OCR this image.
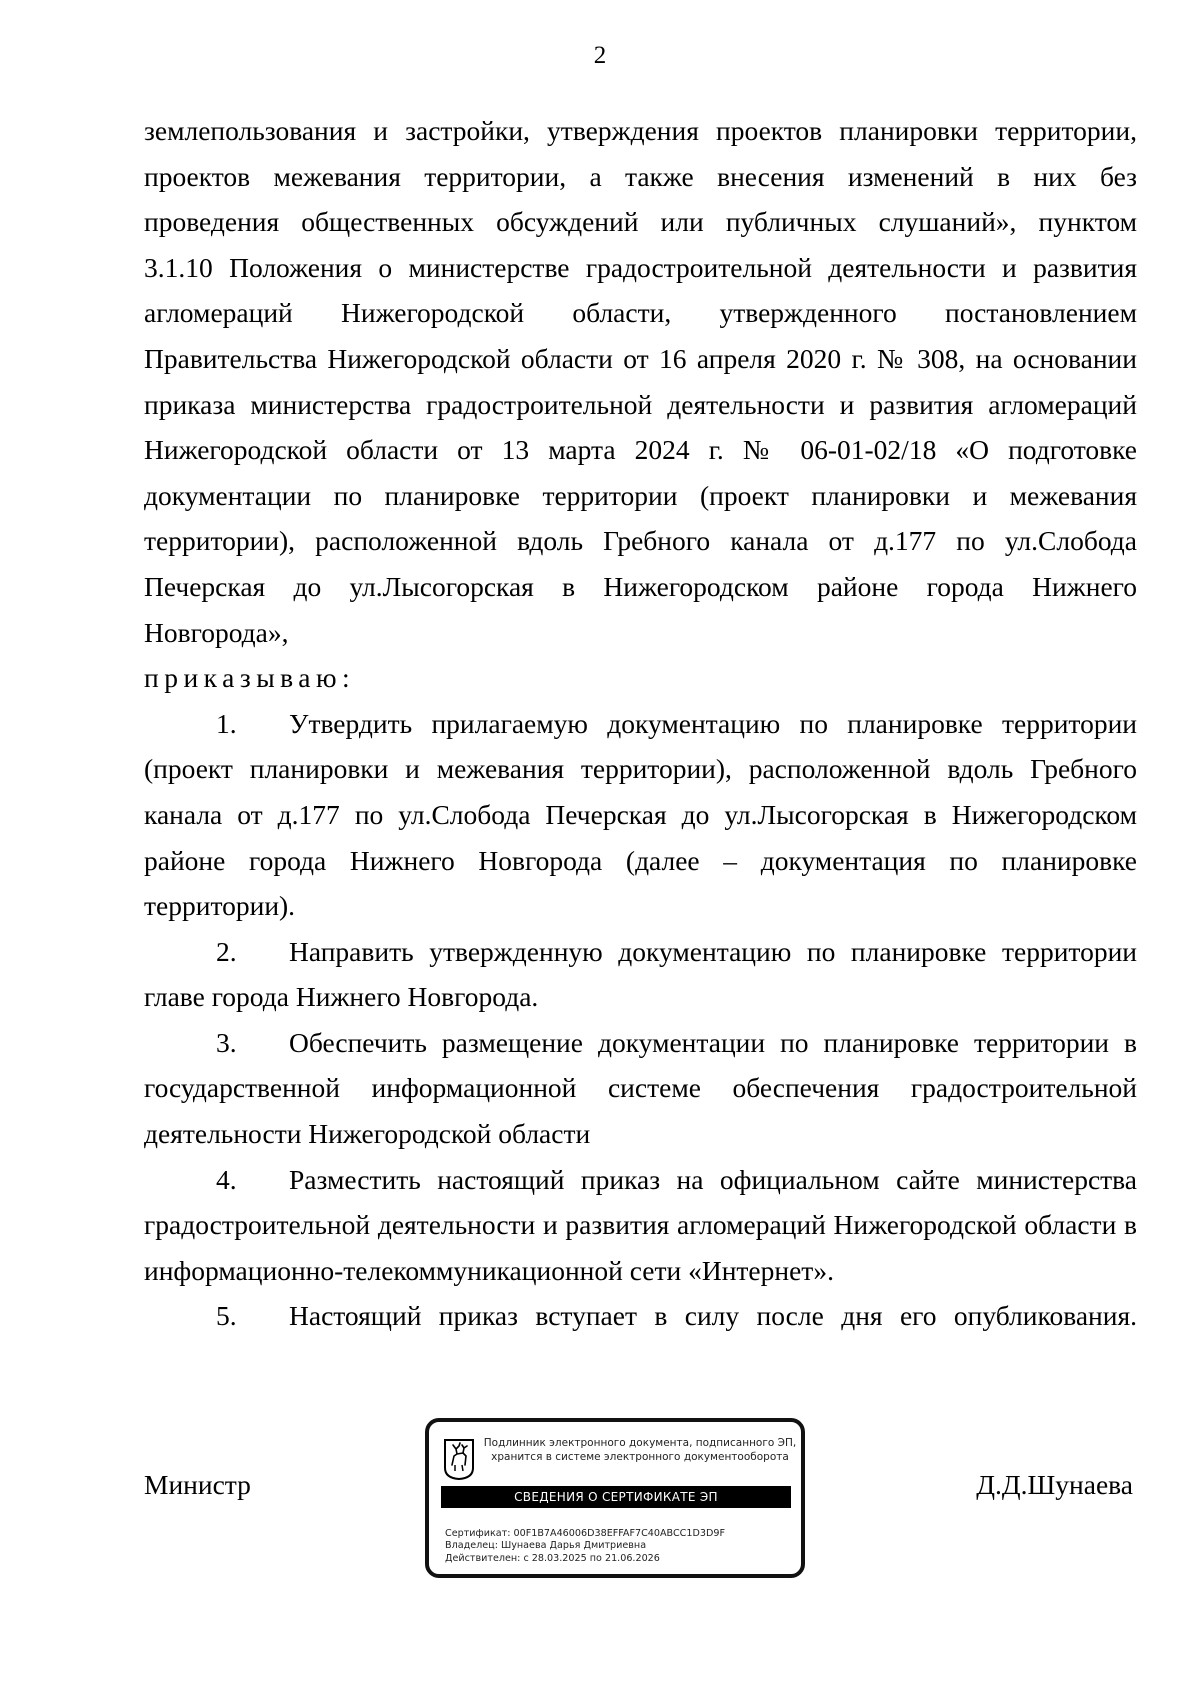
2

землепользования и застройки, утверждения проектов планировки территории,
проектов межевания территории, а также внесения изменений в них без
проведения общественных обсуждений или публичных слушаний», пунктом
3.1.10 Положения о министерстве градостроительной деятельности и развития
агломераций Нижегородской области, утвержденного постановлением
Правительства Нижегородской области от 16 апреля 2020 г. № 308, на основании
приказа министерства градостроительной деятельности и развития агломераций
Нижегородской области от 13 марта 2024 г. № 06-01-02/18 «О подготовке
документации по планировке территории (проект планировки и межевания
территории), расположенной вдоль Гребного канала от д.177 по ул.Слобода
Печерская до ул.Лысогорская в Нижегородском районе города Нижнего
Новгорода»,

приказываю:

1. Утвердить прилагаемую документацию по планировке территории (проект планировки и межевания территории), расположенной вдоль Гребного канала от д.177 по ул.Слобода Печерская до ул.Лысогорская в Нижегородском районе города Нижнего Новгорода (далее – документация по планировке территории).

2. Направить утвержденную документацию по планировке территории главе города Нижнего Новгорода.

3. Обеспечить размещение документации по планировке территории в государственной информационной системе обеспечения градостроительной деятельности Нижегородской области

4. Разместить настоящий приказ на официальном сайте министерства градостроительной деятельности и развития агломераций Нижегородской области в информационно-телекоммуникационной сети «Интернет».

5. Настоящий приказ вступает в силу после дня его опубликования.

Министр	Д.Д.Шунаева
Подлинник электронного документа, подписанного ЭП,
хранится в системе электронного документооборота
СВЕДЕНИЯ О СЕРТИФИКАТЕ ЭП
Сертификат: 00F1B7A46006D38EFFAF7C40ABCC1D3D9F
Владелец: Шунаева Дарья Дмитриевна
Действителен: с 28.03.2025 по 21.06.2026
